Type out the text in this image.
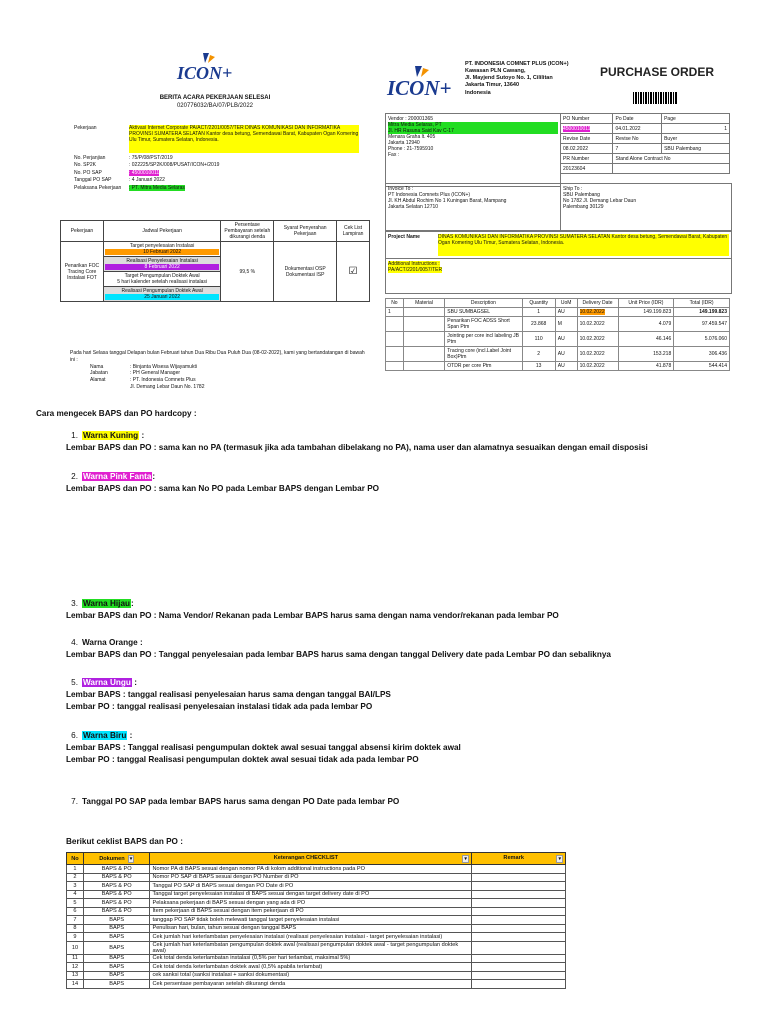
ICON+
BERITA ACARA PEKERJAAN SELESAI
020776032/BA/07/PLB/2022
Pekerjaan	Aktivasi Internet Corporate PA/ACT/2201/0057/TER DINAS KOMUNIKASI DAN INFORMATIKA PROVINSI SUMATERA SELATAN Kantor desa betung, Semendawai Barat, Kabupaten Ogan Komering Ulu Timur, Sumatera Selatan, Indonesia.
No. Perjanjian	: 75/P/08/PST/2019
No. SP2K	: 022225/SP2K/008/PUSAT/ICON+/2019
No. PO SAP	: 4500010011
Tanggal PO SAP	: 4 Januari 2022
Pelaksana Pekerjaan	: PT. Mitra Media Selaras
Pekerjaan	Jadwal Pekerjaan	Persentase Pembayaran setelah dikurangi denda	Syarat Penyerahan Pekerjaan	Cek List Lampiran
Penarikan FOC Tracing Core Instalasi FOT	Target penyelesaian Instalasi
10 Februari 2022	99,5 %	Dokumentasi OSP Dokumentasi ISP	☑

	Realisasi Penyelesaian Instalasi
8 Februari 2022			

	Target Pengumpulan Doktek Awal
5 hari kalender setelah realisasi instalasi			

	Realisasi Pengumpulan Doktek Awal
25 Januari 2022			
Pada hari Selasa tanggal Delapan bulan Februari tahun Dua Ribu Dua Puluh Dua (08-02-2022), kami yang bertandatangan di bawah ini :
Nama	: Binjanta Wisesa Wijayamukti
Jabatan	: PH General Manager
Alamat	: PT. Indonesia Comnets Plus
Jl. Demang Lebar Daun No. 1782
ICON+
PT. INDONESIA COMNET PLUS (ICON+)
Kawasan PLN Cawang,
Jl. Mayjend Sutoyo No. 1, Cililitan
Jakarta Timur, 13640
Indonesia
PURCHASE ORDER
PO Number	Po Date	Page
4500010011	04.01.2022	1
Revise Date	Revise No	Buyer
08.02.2022	7	SBU Palembang
PR Number	Stand Alone Contract No	
20123604		
Vendor : 200001365
Mitra Media Selaras, PT
Jl. HR Rasuna Said Kav C-17
Menara Graha lt. 405
Jakarta 12940
Phone : 21-7595910
Fax :
Invoice To :
PT Indonesia Comnets Plus (ICON+)
Jl. KH Abdul Rochim No 1 Kuningan Barat, Mampang
Jakarta Selatan 12710
Ship To :
SBU Palembang
No 1782 Jl. Demang Lebar Daun
Palembang 30129
Project Name	DINAS KOMUNIKASI DAN INFORMATIKA PROVINSI SUMATERA SELATAN Kantor desa betung, Semendawai Barat, Kabupaten Ogan Komering Ulu Timur, Sumatera Selatan, Indonesia.
Additional Instructions :
PA/ACT/2201/0057/TER
No	Material	Description	Quantity	UoM	Delivery Date	Unit Price (IDR)	Total (IDR)
1		SBU SUMBAGSEL	1	AU	10.02.2022	149.199.823	149.199.823
		Penarikan FOC ADSS Short Span Ptm	23.868	M	10.02.2022	4.079	97.459.547
		Jointing per core incl labeling JB Ptm	110	AU	10.02.2022	46.146	5.076.060
		Tracing core (incl.Label Joint Box)Ptm	2	AU	10.02.2022	153.218	306.436
		OTDR per core Ptm	13	AU	10.02.2022	41.878	544.414
Cara mengecek BAPS dan PO hardcopy :
1. Warna Kuning :
Lembar BAPS dan PO : sama kan no PA (termasuk jika ada tambahan dibelakang no PA), nama user dan alamatnya sesuaikan dengan email disposisi
2. Warna Pink Fanta:
Lembar BAPS dan PO : sama kan No PO pada Lembar BAPS dengan Lembar PO
3. Warna Hijau:
Lembar BAPS dan PO : Nama Vendor/ Rekanan pada Lembar BAPS harus sama dengan nama vendor/rekanan pada lembar PO
4. Warna Orange :
Lembar BAPS dan PO : Tanggal penyelesaian pada lembar BAPS harus sama dengan tanggal Delivery date pada Lembar PO dan sebaliknya
5. Warna Ungu :
Lembar BAPS : tanggal realisasi penyelesaian harus sama dengan tanggal BAI/LPS
Lembar PO : tanggal realisasi penyelesaian instalasi tidak ada pada lembar PO
6. Warna Biru :
Lembar BAPS : Tanggal realisasi pengumpulan doktek awal sesuai tanggal absensi kirim doktek awal
Lembar PO : tanggal Realisasi pengumpulan doktek awal sesuai tidak ada pada lembar PO
7. Tanggal PO SAP pada lembar BAPS harus sama dengan PO Date pada lembar PO
Berikut ceklist BAPS dan PO :
No	Dokumen ▾	Keterangan CHECKLIST ▾	Remark ▾

1	BAPS & PO	Nomor PA di BAPS sesuai dengan nomor PA di kolom additional instructions pada PO	
2	BAPS & PO	Nomor PO SAP di BAPS sesuai dengan PO Number di PO	
3	BAPS & PO	Tanggal PO SAP di BAPS sesuai dengan PO Date di PO	
4	BAPS & PO	Tanggal target penyelesaian instalasi di BAPS sesuai dengan target delivery date di PO	
5	BAPS & PO	Pelaksana pekerjaan di BAPS sesuai dengan yang ada di PO	
6	BAPS & PO	Item pekerjaan di BAPS sesuai dengan item pekerjaan di PO	
7	BAPS	tanggap PO SAP tidak boleh melewati tanggal target penyelesaian instalasi	
8	BAPS	Penulisan hari, bulan, tahun sesuai dengan tanggal BAPS	
9	BAPS	Cek jumlah hari keterlambatan penyelesaian instalasi (realisasi penyelesaian instalasi - target penyelesaian instalasi)	
10	BAPS	Cek jumlah hari keterlambatan pengumpulan doktek awal (realisasi pengumpulan doktek awal - target pengumpulan doktek awal)	
11	BAPS	Cek total denda keterlambatan instalasi (0,5% per hari terlambat, maksimal 5%)	
12	BAPS	Cek total denda keterlambatan doktek awal (0,5% apabila terlambat)	
13	BAPS	cek sanksi total (sanksi instalasi + sanksi dokumentasi)	
14	BAPS	Cek persentase pembayaran setelah dikurangi denda	
